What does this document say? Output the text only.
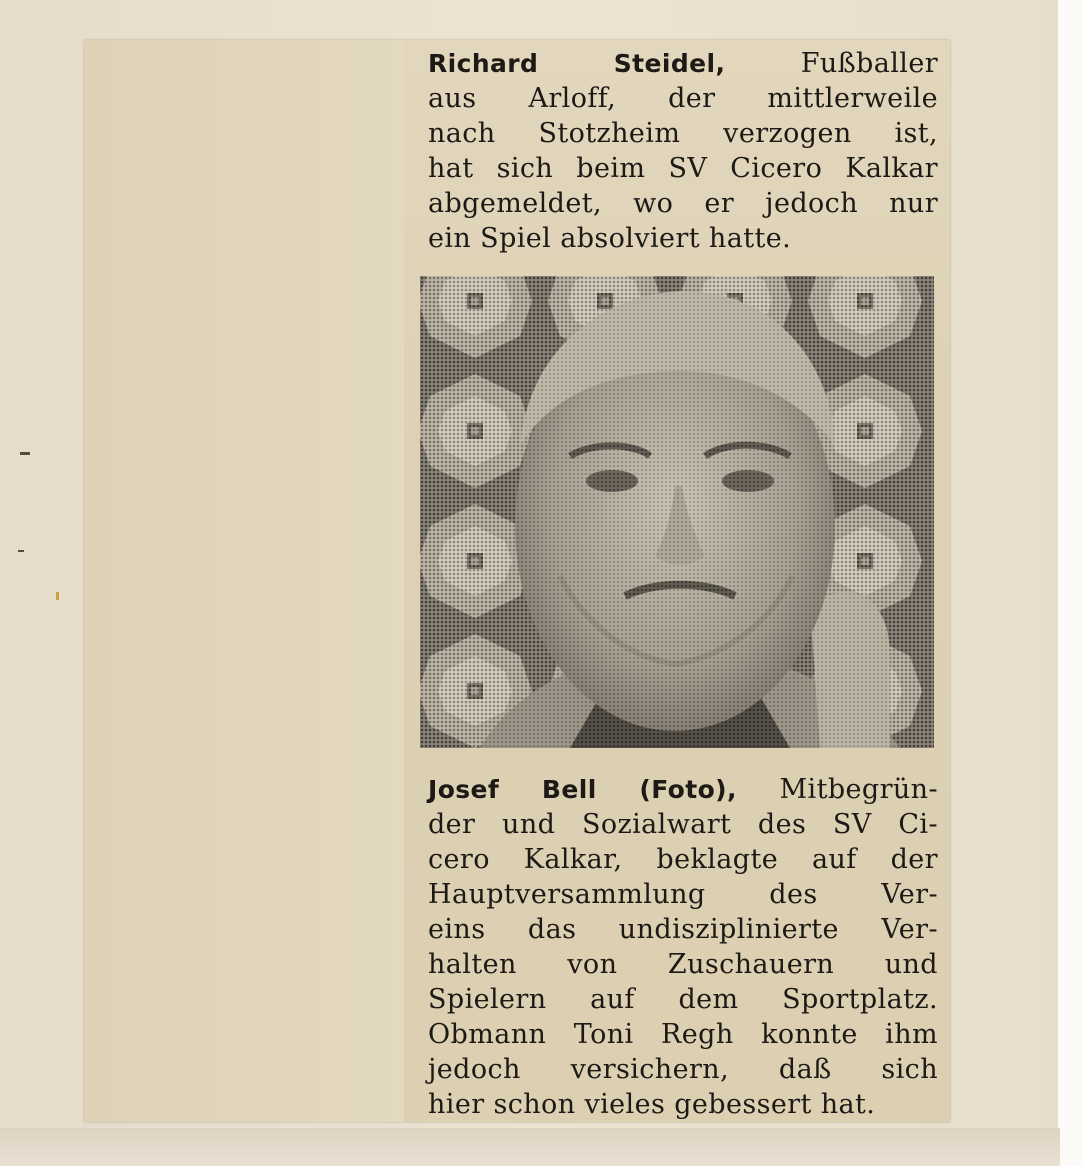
Richard Steidel,	Fußballer
aus Arloff, der mittlerweile
nach Stotzheim verzogen ist,
hat sich beim SV Cicero Kalkar
abgemeldet, wo er jedoch nur
ein Spiel absolviert hatte.
Josef Bell (Foto), Mitbegrün-
der und Sozialwart des SV Ci-
cero Kalkar, beklagte auf der
Hauptversammlung des Ver-
eins das undisziplinierte Ver-
halten von Zuschauern und
Spielern auf dem Sportplatz.
Obmann Toni Regh konnte ihm
jedoch versichern, daß sich
hier schon vieles gebessert hat.
